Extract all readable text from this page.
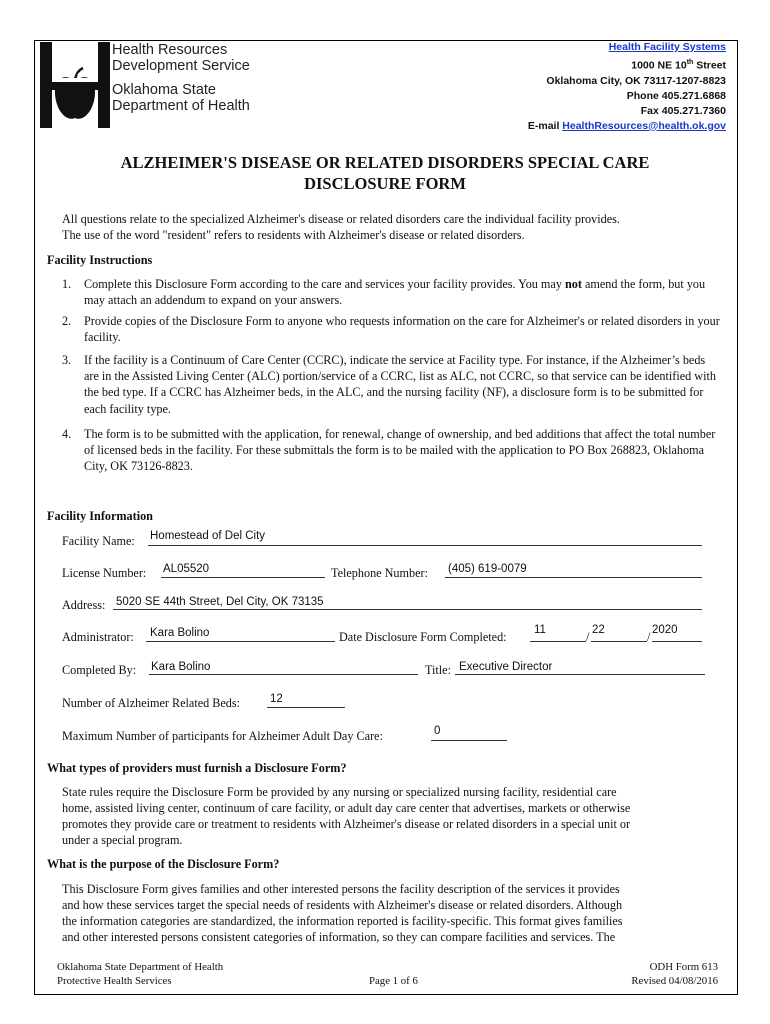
Health Resources
Development Service
Oklahoma State
Department of Health
Health Facility Systems
1000 NE 10th Street
Oklahoma City, OK 73117-1207-8823
Phone 405.271.6868
Fax 405.271.7360
E-mail HealthResources@health.ok.gov
ALZHEIMER'S DISEASE OR RELATED DISORDERS SPECIAL CARE
DISCLOSURE FORM
All questions relate to the specialized Alzheimer's disease or related disorders care the individual facility provides.
The use of the word "resident" refers to residents with Alzheimer's disease or related disorders.
Facility Instructions
1. Complete this Disclosure Form according to the care and services your facility provides. You may not amend the form, but you may attach an addendum to expand on your answers.
2. Provide copies of the Disclosure Form to anyone who requests information on the care for Alzheimer's or related disorders in your facility.
3. If the facility is a Continuum of Care Center (CCRC), indicate the service at Facility type. For instance, if the Alzheimer’s beds are in the Assisted Living Center (ALC) portion/service of a CCRC, list as ALC, not CCRC, so that service can be identified with the bed type. If a CCRC has Alzheimer beds, in the ALC, and the nursing facility (NF), a disclosure form is to be submitted for each facility type.
4. The form is to be submitted with the application, for renewal, change of ownership, and bed additions that affect the total number of licensed beds in the facility. For these submittals the form is to be mailed with the application to PO Box 268823, Oklahoma City, OK 73126-8823.
Facility Information
Facility Name: Homestead of Del City
License Number: AL05520	Telephone Number: (405) 619-0079
Address: 5020 SE 44th Street, Del City, OK 73135
Administrator: Kara Bolino	Date Disclosure Form Completed: 11	/ 22	/ 2020
Completed By: Kara Bolino	Title: Executive Director
Number of Alzheimer Related Beds:	12
Maximum Number of participants for Alzheimer Adult Day Care:	0
What types of providers must furnish a Disclosure Form?
State rules require the Disclosure Form be provided by any nursing or specialized nursing facility, residential care
home, assisted living center, continuum of care facility, or adult day care center that advertises, markets or otherwise
promotes they provide care or treatment to residents with Alzheimer's disease or related disorders in a special unit or
under a special program.
What is the purpose of the Disclosure Form?
This Disclosure Form gives families and other interested persons the facility description of the services it provides
and how these services target the special needs of residents with Alzheimer's disease or related disorders. Although
the information categories are standardized, the information reported is facility-specific. This format gives families
and other interested persons consistent categories of information, so they can compare facilities and services. The
Oklahoma State Department of Health
Protective Health Services	Page 1 of 6
ODH Form 613
Revised 04/08/2016
